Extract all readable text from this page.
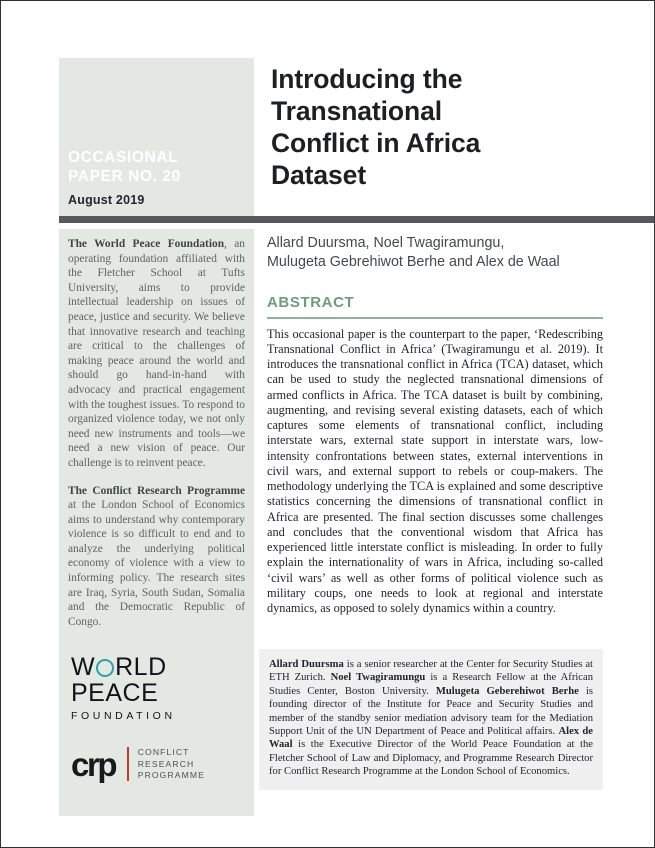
OCCASIONAL
PAPER NO. 20
August 2019
Introducing the
Transnational
Conflict in Africa
Dataset

The World Peace Foundation, an operating foundation affiliated with the Fletcher School at Tufts University, aims to provide intellectual leadership on issues of peace, justice and security. We believe that innovative research and teaching are critical to the challenges of making peace around the world and should go hand-in-hand with advocacy and practical engagement with the toughest issues. To respond to organized violence today, we not only need new instruments and tools—we need a new vision of peace. Our challenge is to reinvent peace.

The Conflict Research Programme at the London School of Economics aims to understand why contemporary violence is so difficult to end and to analyze the underlying political economy of violence with a view to informing policy. The research sites are Iraq, Syria, South Sudan, Somalia and the Democratic Republic of Congo.

W RLD
PEACE
FOUNDATION
crp	CONFLICT
RESEARCH
PROGRAMME
Allard Duursma, Noel Twagiramungu,
Mulugeta Gebrehiwot Berhe and Alex de Waal
ABSTRACT

This occasional paper is the counterpart to the paper, ‘Redescribing Transnational Conflict in Africa’ (Twagiramungu et al. 2019). It introduces the transnational conflict in Africa (TCA) dataset, which can be used to study the neglected transnational dimensions of armed conflicts in Africa. The TCA dataset is built by combining, augmenting, and revising several existing datasets, each of which captures some elements of transnational conflict, including interstate wars, external state support in interstate wars, low-intensity confrontations between states, external interventions in civil wars, and external support to rebels or coup-makers. The methodology underlying the TCA is explained and some descriptive statistics concerning the dimensions of transnational conflict in Africa are presented. The final section discusses some challenges and concludes that the conventional wisdom that Africa has experienced little interstate conflict is misleading. In order to fully explain the internationality of wars in Africa, including so-called ‘civil wars’ as well as other forms of political violence such as military coups, one needs to look at regional and interstate dynamics, as opposed to solely dynamics within a country.

Allard Duursma is a senior researcher at the Center for Security Studies at ETH Zurich. Noel Twagiramungu is a Research Fellow at the African Studies Center, Boston University. Mulugeta Geberehiwot Berhe is founding director of the Institute for Peace and Security Studies and member of the standby senior mediation advisory team for the Mediation Support Unit of the UN Department of Peace and Political affairs. Alex de Waal is the Executive Director of the World Peace Foundation at the Fletcher School of Law and Diplomacy, and Programme Research Director for Conflict Research Programme at the London School of Economics.
